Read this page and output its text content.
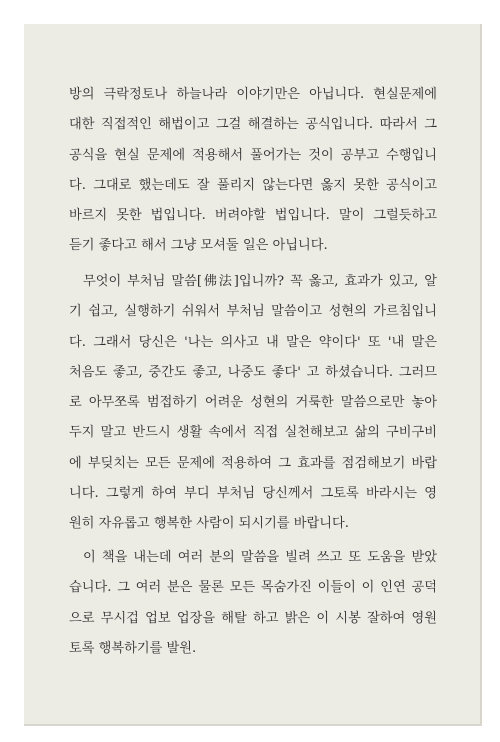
방의 극락정토나 하늘나라 이야기만은 아닙니다. 현실문제에
대한 직접적인 해법이고 그걸 해결하는 공식입니다. 따라서 그
공식을 현실 문제에 적용해서 풀어가는 것이 공부고 수행입니
다. 그대로 했는데도 잘 풀리지 않는다면 옳지 못한 공식이고
바르지 못한 법입니다. 버려야할 법입니다. 말이 그럴듯하고
듣기 좋다고 해서 그냥 모셔둘 일은 아닙니다.
무엇이 부처님 말씀[佛法]입니까? 꼭 옳고, 효과가 있고, 알
기 쉽고, 실행하기 쉬워서 부처님 말씀이고 성현의 가르침입니
다. 그래서 당신은 '나는 의사고 내 말은 약이다' 또 '내 말은
처음도 좋고, 중간도 좋고, 나중도 좋다' 고 하셨습니다. 그러므
로 아무쪼록 범접하기 어려운 성현의 거룩한 말씀으로만 놓아
두지 말고 반드시 생활 속에서 직접 실천해보고 삶의 구비구비
에 부딪치는 모든 문제에 적용하여 그 효과를 점검해보기 바랍
니다. 그렇게 하여 부디 부처님 당신께서 그토록 바라시는 영
원히 자유롭고 행복한 사람이 되시기를 바랍니다.
이 책을 내는데 여러 분의 말씀을 빌려 쓰고 또 도움을 받았
습니다. 그 여러 분은 물론 모든 목숨가진 이들이 이 인연 공덕
으로 무시겁 업보 업장을 해탈 하고 밝은 이 시봉 잘하여 영원
토록 행복하기를 발원.
